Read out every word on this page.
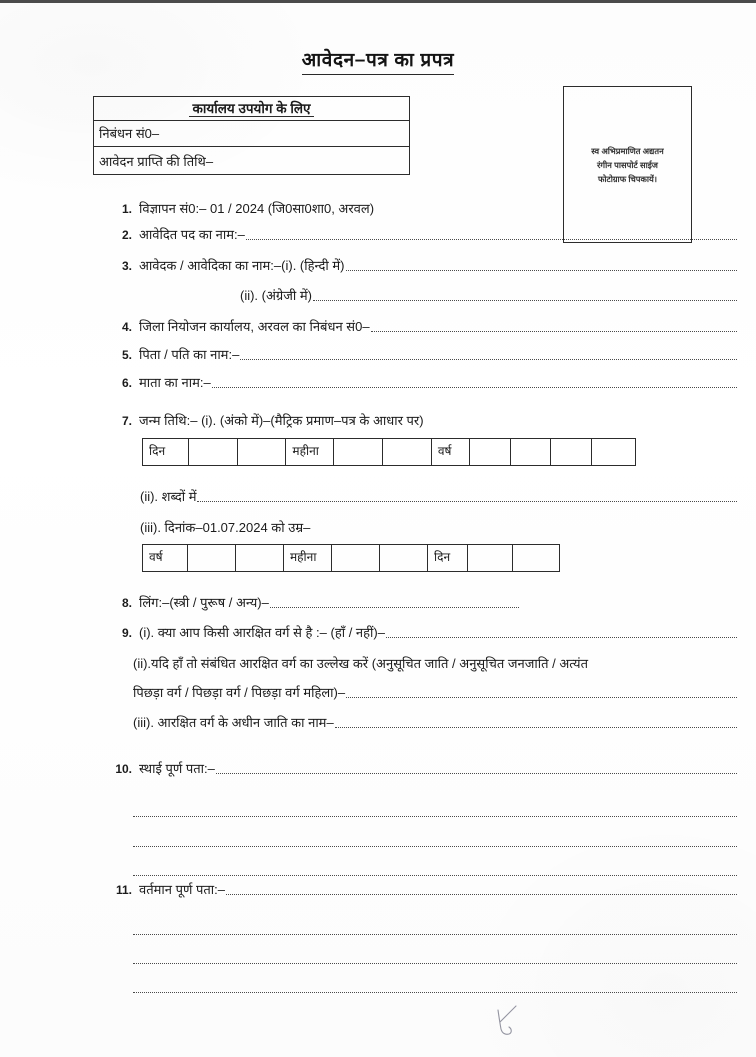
आवेदन–पत्र का प्रपत्र
कार्यालय उपयोग के लिए
निबंधन सं0–
आवेदन प्राप्ति की तिथि–
स्व अभिप्रमाणित अद्यतन
रंगीन पासपोर्ट साईज
फोटोग्राफ चिपकायें।
1. विज्ञापन सं0:– 01 / 2024 (जि0सा0शा0, अरवल)
2. आवेदित पद का नाम:–
3. आवेदक / आवेदिका का नाम:–(i). (हिन्दी में)
(ii). (अंग्रेजी में)
4. जिला नियोजन कार्यालय, अरवल का निबंधन सं0–
5. पिता / पति का नाम:–
6. माता का नाम:–
7. जन्म तिथि:– (i). (अंको में)–(मैट्रिक प्रमाण–पत्र के आधार पर)
दिन	महीना	वर्ष
(ii). शब्दों में
(iii). दिनांक–01.07.2024 को उम्र–
वर्ष	महीना	दिन
8. लिंग:–(स्त्री / पुरूष / अन्य)–
9. (i). क्या आप किसी आरक्षित वर्ग से है :– (हाँ / नहीं)–
(ii).यदि हाँ तो संबंधित आरक्षित वर्ग का उल्लेख करें (अनुसूचित जाति / अनुसूचित जनजाति / अत्यंत
पिछड़ा वर्ग / पिछड़ा वर्ग / पिछड़ा वर्ग महिला)–
(iii). आरक्षित वर्ग के अधीन जाति का नाम–
10. स्थाई पूर्ण पता:–
11. वर्तमान पूर्ण पता:–
